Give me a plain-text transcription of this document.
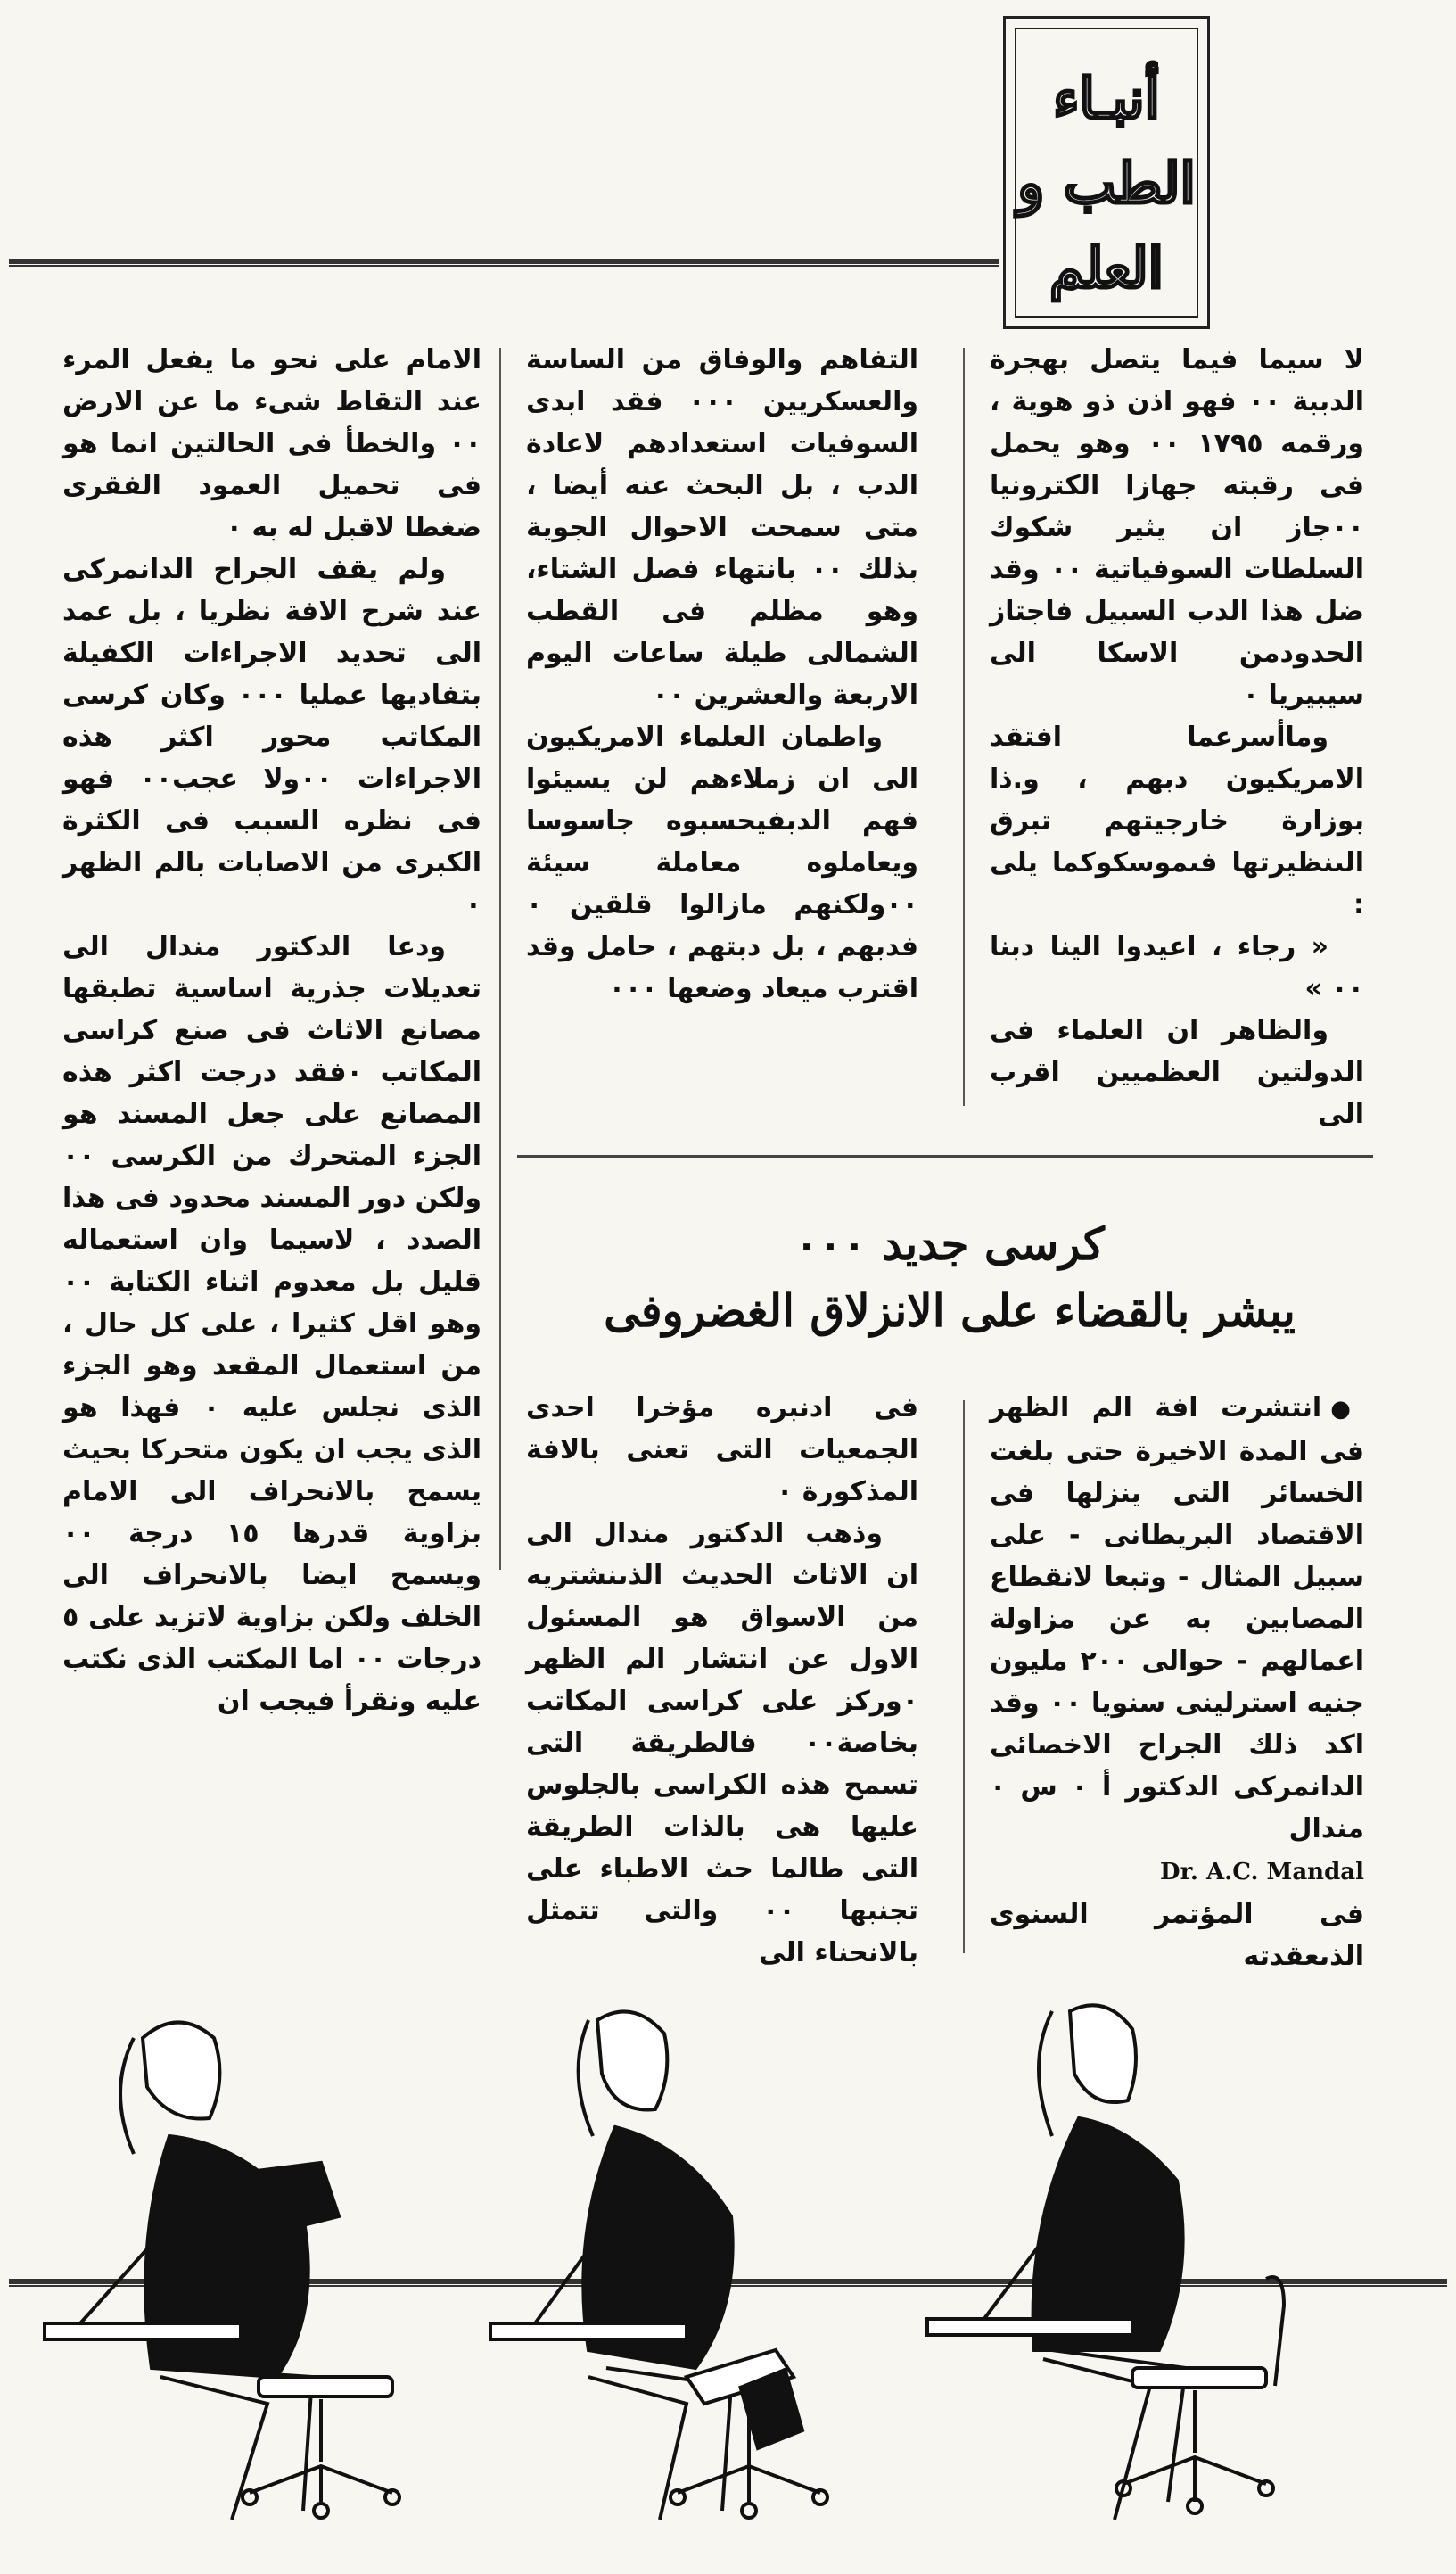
أنبـاء
الطب و
العلم

لا سيما فيما يتصل بهجرة الدببة ٠٠ فهو اذن ذو هوية ، ورقمه ١٧٩٥ ٠٠ وهو يحمل فى رقبته جهازا الكترونيا ٠٠جاز ان يثير شكوك السلطات السوفياتية ٠٠ وقد ضل هذا الدب السبيل فاجتاز الحدودمن الاسكا الى سيبيريا ٠

وماأسرعما افتقد الامريكيون دبهم ، و.ذا بوزارة خارجيتهم تبرق الىنظيرتها فىموسكوكما يلى :

« رجاء ، اعيدوا الينا دبنا ٠٠ »

والظاهر ان العلماء فى الدولتين العظميين اقرب الى

التفاهم والوفاق من الساسة والعسكريين ٠٠٠ فقد ابدى السوفيات استعدادهم لاعادة الدب ، بل البحث عنه أيضا ، متى سمحت الاحوال الجوية بذلك ٠٠ بانتهاء فصل الشتاء، وهو مظلم فى القطب الشمالى طيلة ساعات اليوم الاربعة والعشرين ٠٠

واطمان العلماء الامريكيون الى ان زملاءهم لن يسيئوا فهم الدبفيحسبوه جاسوسا ويعاملوه معاملة سيئة ٠٠ولكنهم مازالوا قلقين ٠ فدبهم ، بل دبتهم ، حامل وقد اقترب ميعاد وضعها ٠٠٠

كرسى جديد ٠٠٠
يبشر بالقضاء على الانزلاق الغضروفى

● انتشرت افة الم الظهر فى المدة الاخيرة حتى بلغت الخسائر التى ينزلها فى الاقتصاد البريطانى - على سبيل المثال - وتبعا لانقطاع المصابين به عن مزاولة اعمالهم - حوالى ٢٠٠ مليون جنيه استرلينى سنويا ٠٠ وقد اكد ذلك الجراح الاخصائى الدانمركى الدكتور أ ٠ س ٠ مندال

Dr. A.C. Mandal

فى المؤتمر السنوى الذىعقدته

فى ادنبره مؤخرا احدى الجمعيات التى تعنى بالافة المذكورة ٠

وذهب الدكتور مندال الى ان الاثاث الحديث الذىنشتريه من الاسواق هو المسئول الاول عن انتشار الم الظهر ٠وركز على كراسى المكاتب بخاصة٠٠ فالطريقة التى تسمح هذه الكراسى بالجلوس عليها هى بالذات الطريقة التى طالما حث الاطباء على تجنبها ٠٠ والتى تتمثل بالانحناء الى

الامام على نحو ما يفعل المرء عند التقاط شىء ما عن الارض ٠٠ والخطأ فى الحالتين انما هو فى تحميل العمود الفقرى ضغطا لاقبل له به ٠

ولم يقف الجراح الدانمركى عند شرح الافة نظريا ، بل عمد الى تحديد الاجراءات الكفيلة بتفاديها عمليا ٠٠٠ وكان كرسى المكاتب محور اكثر هذه الاجراءات ٠٠ولا عجب٠٠ فهو فى نظره السبب فى الكثرة الكبرى من الاصابات بالم الظهر ٠

ودعا الدكتور مندال الى تعديلات جذرية اساسية تطبقها مصانع الاثاث فى صنع كراسى المكاتب ٠فقد درجت اكثر هذه المصانع على جعل المسند هو الجزء المتحرك من الكرسى ٠٠ ولكن دور المسند محدود فى هذا الصدد ، لاسيما وان استعماله قليل بل معدوم اثناء الكتابة ٠٠ وهو اقل كثيرا ، على كل حال ، من استعمال المقعد وهو الجزء الذى نجلس عليه ٠ فهذا هو الذى يجب ان يكون متحركا بحيث يسمح بالانحراف الى الامام بزاوية قدرها ١٥ درجة ٠٠ ويسمح ايضا بالانحراف الى الخلف ولكن بزاوية لاتزيد على ٥ درجات ٠٠ اما المكتب الذى نكتب عليه ونقرأ فيجب ان
